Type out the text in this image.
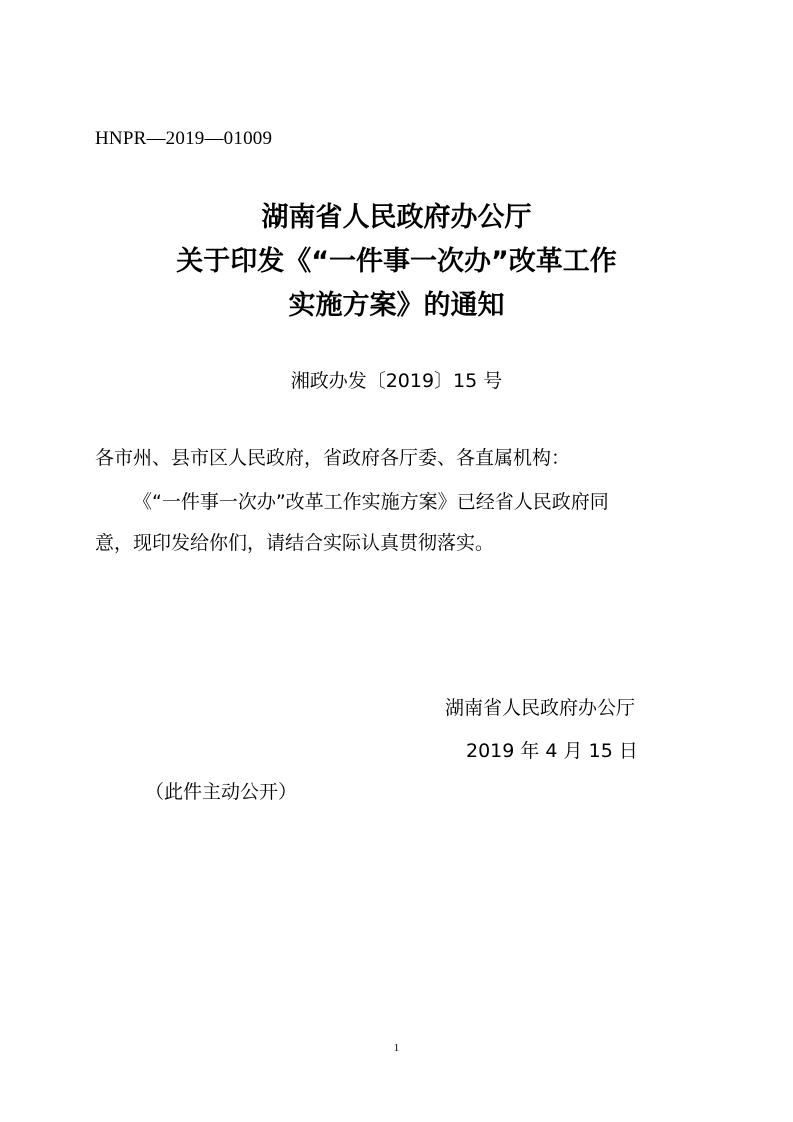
HNPR—2019—01009
湖南省人民政府办公厅
关于印发《“一件事一次办”改革工作
实施方案》的通知
湘政办发〔2019〕15 号
各市州、县市区人民政府，省政府各厅委、各直属机构：
《“一件事一次办”改革工作实施方案》已经省人民政府同
意，现印发给你们，请结合实际认真贯彻落实。
湖南省人民政府办公厅
2019 年 4 月 15 日
（此件主动公开）
1
